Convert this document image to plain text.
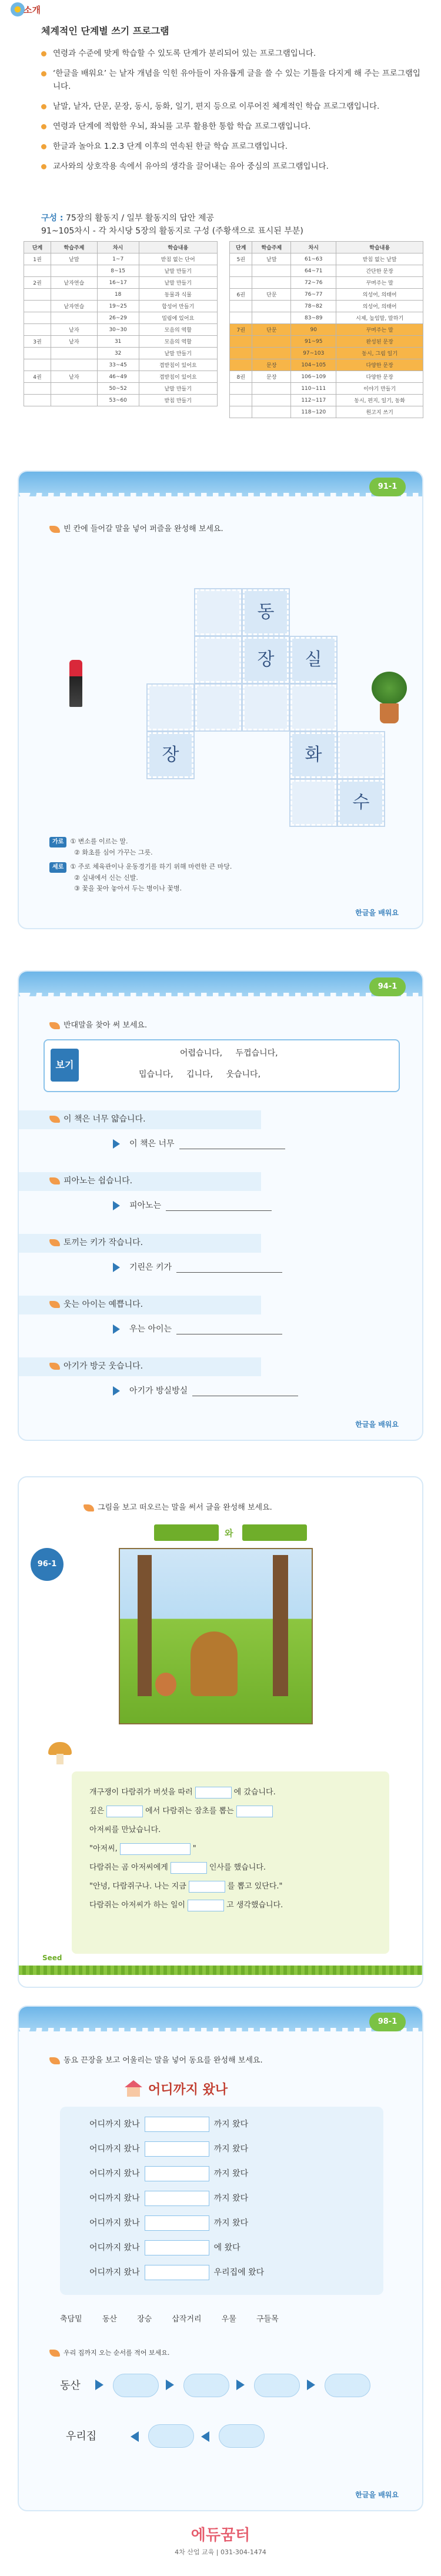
소개
체계적인 단계별 쓰기 프로그램
연령과 수준에 맞게 학습할 수 있도록 단계가 분리되어 있는 프로그램입니다.
‘한글을 배워요’ 는 낱자 개념을 익힌 유아들이 자유롭게 글을 쓸 수 있는 기틀을 다지게 해 주는 프로그램입니다.
낱말, 낱자, 단문, 문장, 동시, 동화, 일기, 편지 등으로 이루어진 체계적인 학습 프로그램입니다.
연령과 단계에 적합한 우뇌, 좌뇌를 고루 활용한 통합 학습 프로그램입니다.
한글과 놀아요 1.2.3 단계 이후의 연속된 한글 학습 프로그램입니다.
교사와의 상호작용 속에서 유아의 생각을 끌어내는 유아 중심의 프로그램입니다.
구성 : 75장의 활동지 / 일부 활동지의 답안 제공
91~105차시 - 각 차시당 5장의 활동지로 구성 (주황색으로 표시된 부분)
단계	학습주제	차시	학습내용
1권	낱말	1~7	받침 없는 단어
		8~15	낱말 만들기
2권	낱자연습	16~17	낱말 만들기
		18	동물과 식물
	낱자연습	19~25	합성어 만들기
		26~29	밀림에 있어요
	낱자	30~30	모음의 역할
3권	낱자	31	모음의 역할
		32	낱말 만들기
		33~45	겹받침이 있어요
4권	낱자	46~49	겹받침이 있어요
		50~52	낱말 만들기
		53~60	받침 만들기
단계	학습주제	차시	학습내용
5권	낱말	61~63	받침 없는 낱말
		64~71	간단한 문장
		72~76	꾸며주는 말
6권	단문	76~77	의성어, 의태어
		78~82	의성어, 의태어
		83~89	시제, 높임말, 말하기
7권	단문	90	꾸며주는 말
		91~95	완성된 문장
		97~103	동시, 그림 일기
	문장	104~105	다양한 문장
8권	문장	106~109	다양한 문장
		110~111	이야기 만들기
		112~117	동시, 편지, 일기, 동화
		118~120	원고지 쓰기
91-1
빈 칸에 들어갈 말을 넣어 퍼즐을 완성해 보세요.
동
장	실
장	화
수
가로 ① 변소를 이르는 말.
② 화초를 심어 가꾸는 그릇.
세로 ① 주로 체육관이나 운동경기를 하기 위해 마련한 큰 마당.
② 실내에서 신는 신발.
③ 꽃을 꽂아 놓아서 두는 병이나 꽃병.
한글을 배워요
94-1
반대말을 찾아 써 보세요.
보기
어렵습니다, 두껍습니다,
밉습니다, 깁니다, 웃습니다,
이 책은 너무 얇습니다.
이 책은 너무
피아노는 쉽습니다.
피아노는
토끼는 키가 작습니다.
기린은 키가
웃는 아이는 예쁩니다.
우는 아이는
아기가 방긋 웃습니다.
아기가 방실방실
한글을 배워요
96-1
그림을 보고 떠오르는 말을 써서 글을 완성해 보세요.
와
개구쟁이 다람쥐가 버섯을 따러	에 갔습니다.
깊은	에서 다람쥐는 잠초를 뽑는
아저씨를 만났습니다.
"아저씨,	"
다람쥐는 곰 아저씨에게	인사를 했습니다.
"안녕, 다람쥐구나. 나는 지금	를 뽑고 있단다."
다람쥐는 아저씨가 하는 일이	고 생각했습니다.
Seed
98-1
동요 끈장을 보고 어울리는 말을 넣어 동요를 완성해 보세요.
어디까지 왔나
어디까지 왔나	까지 왔다
어디까지 왔나	까지 왔다
어디까지 왔나	까지 왔다
어디까지 왔나	까지 왔다
어디까지 왔나	까지 왔다
어디까지 왔나	에 왔다
어디까지 왔나	우리집에 왔다
축담밑	동산	장승	삽작거리	우물	구들목
우리 집까지 오는 순서를 적어 보세요.
동산
우리집
한글을 배워요
에듀꿈터
4차 산업 교육 | 031-304-1474
